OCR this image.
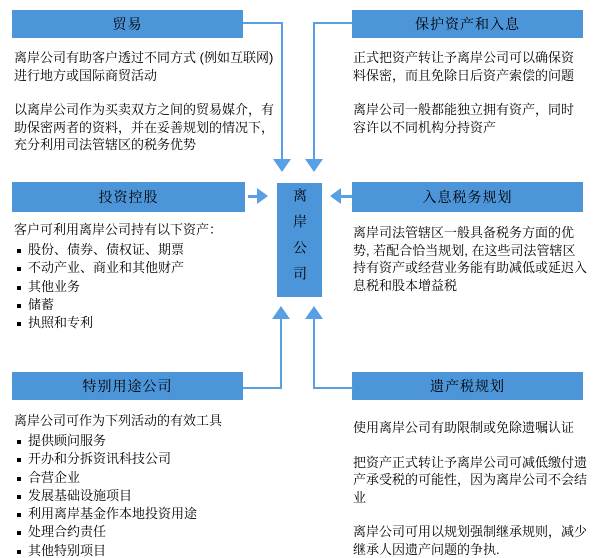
贸易

离岸公司有助客户透过不同方式 (例如互联网) 进行地方或国际商贸活动

以离岸公司作为买卖双方之间的贸易媒介，有助保密两者的资料，并在妥善规划的情况下，充分利用司法管辖区的税务优势

保护资产和入息

正式把资产转让予离岸公司可以确保资料保密，而且免除日后资产索偿的问题

离岸公司一般都能独立拥有资产，同时容许以不同机构分持资产

投资控股
客户可利用离岸公司持有以下资产：
股份、债券、债权证、期票
不动产业、商业和其他财产
其他业务
储蓄
执照和专利
入息税务规划

离岸司法管辖区一般具备税务方面的优势, 若配合恰当规划, 在这些司法管辖区持有资产或经营业务能有助减低或延迟入息税和股本增益税

特别用途公司
离岸公司可作为下列活动的有效工具
提供顾问服务
开办和分拆资讯科技公司
合营企业
发展基础设施项目
利用离岸基金作本地投资用途
处理合约责任
其他特别项目
遗产税规划

使用离岸公司有助限制或免除遗嘱认证

把资产正式转让予离岸公司可减低缴付遗产承受税的可能性，因为离岸公司不会结业

离岸公司可用以规划强制继承规则，减少继承人因遗产问题的争执.

离岸公司
